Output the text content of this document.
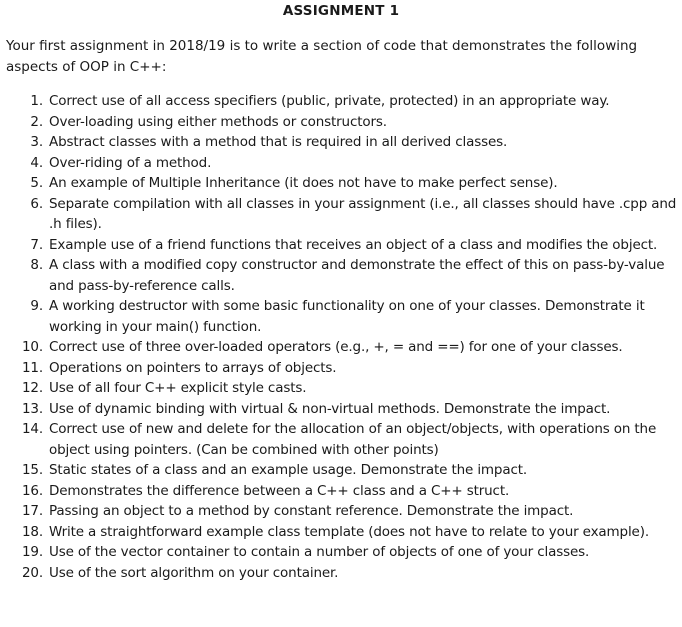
ASSIGNMENT 1

Your first assignment in 2018/19 is to write a section of code that demonstrates the following aspects of OOP in C++:

1. Correct use of all access specifiers (public, private, protected) in an appropriate way.
2. Over-loading using either methods or constructors.
3. Abstract classes with a method that is required in all derived classes.
4. Over-riding of a method.
5. An example of Multiple Inheritance (it does not have to make perfect sense).
6. Separate compilation with all classes in your assignment (i.e., all classes should have .cpp and .h files).
7. Example use of a friend functions that receives an object of a class and modifies the object.
8. A class with a modified copy constructor and demonstrate the effect of this on pass-by-value and pass-by-reference calls.
9. A working destructor with some basic functionality on one of your classes. Demonstrate it working in your main() function.
10. Correct use of three over-loaded operators (e.g., +, = and ==) for one of your classes.
11. Operations on pointers to arrays of objects.
12. Use of all four C++ explicit style casts.
13. Use of dynamic binding with virtual & non-virtual methods. Demonstrate the impact.
14. Correct use of new and delete for the allocation of an object/objects, with operations on the object using pointers. (Can be combined with other points)
15. Static states of a class and an example usage. Demonstrate the impact.
16. Demonstrates the difference between a C++ class and a C++ struct.
17. Passing an object to a method by constant reference. Demonstrate the impact.
18. Write a straightforward example class template (does not have to relate to your example).
19. Use of the vector container to contain a number of objects of one of your classes.
20. Use of the sort algorithm on your container.
